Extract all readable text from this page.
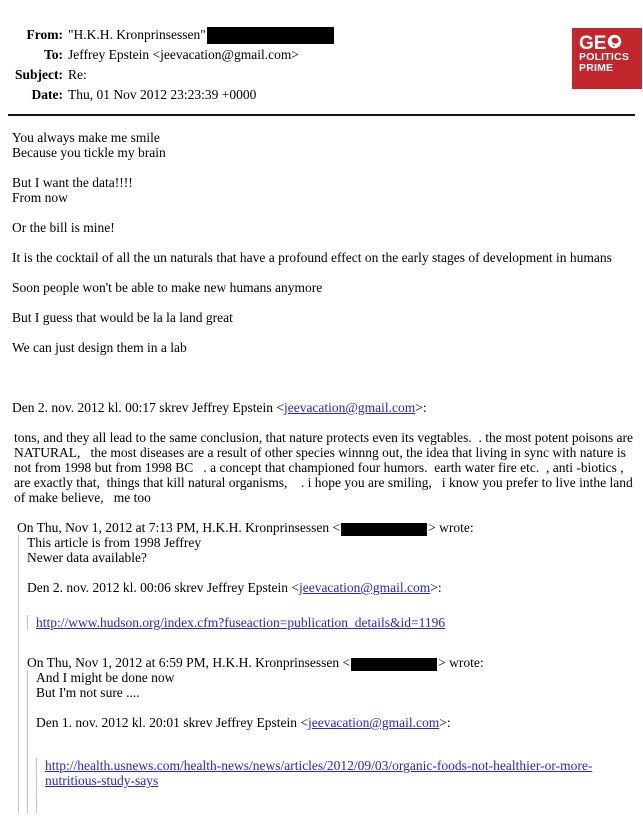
GE
POLITICS
PRIME
From: "H.K.H. Kronprinsessen"
To: Jeffrey Epstein <jeevacation@gmail.com>
Subject: Re:
Date: Thu, 01 Nov 2012 23:23:39 +0000
You always make me smile
Because you tickle my brain
But I want the data!!!!
From now
Or the bill is mine!
It is the cocktail of all the un naturals that have a profound effect on the early stages of development in humans
Soon people won't be able to make new humans anymore
But I guess that would be la la land great
We can just design them in a lab
Den 2. nov. 2012 kl. 00:17 skrev Jeffrey Epstein <jeevacation@gmail.com>:
tons, and they all lead to the same conclusion, that nature protects even its vegtables.  . the most potent poisons are NATURAL,   the most diseases are a result of other species winnng out, the idea that living in sync with nature is not from 1998 but from 1998 BC   . a concept that championed four humors.  earth water fire etc.  , anti -biotics , are exactly that,  things that kill natural organisms,    . i hope you are smiling,   i know you prefer to live inthe land of make believe,   me too
On Thu, Nov 1, 2012 at 7:13 PM, H.K.H. Kronprinsessen <	> wrote:
This article is from 1998 Jeffrey
Newer data available?
Den 2. nov. 2012 kl. 00:06 skrev Jeffrey Epstein <jeevacation@gmail.com>:
http://www.hudson.org/index.cfm?fuseaction=publication_details&id=1196
On Thu, Nov 1, 2012 at 6:59 PM, H.K.H. Kronprinsessen <	> wrote:
And I might be done now
But I'm not sure ....
Den 1. nov. 2012 kl. 20:01 skrev Jeffrey Epstein <jeevacation@gmail.com>:
http://health.usnews.com/health-news/news/articles/2012/09/03/organic-foods-not-healthier-or-more-nutritious-study-says
